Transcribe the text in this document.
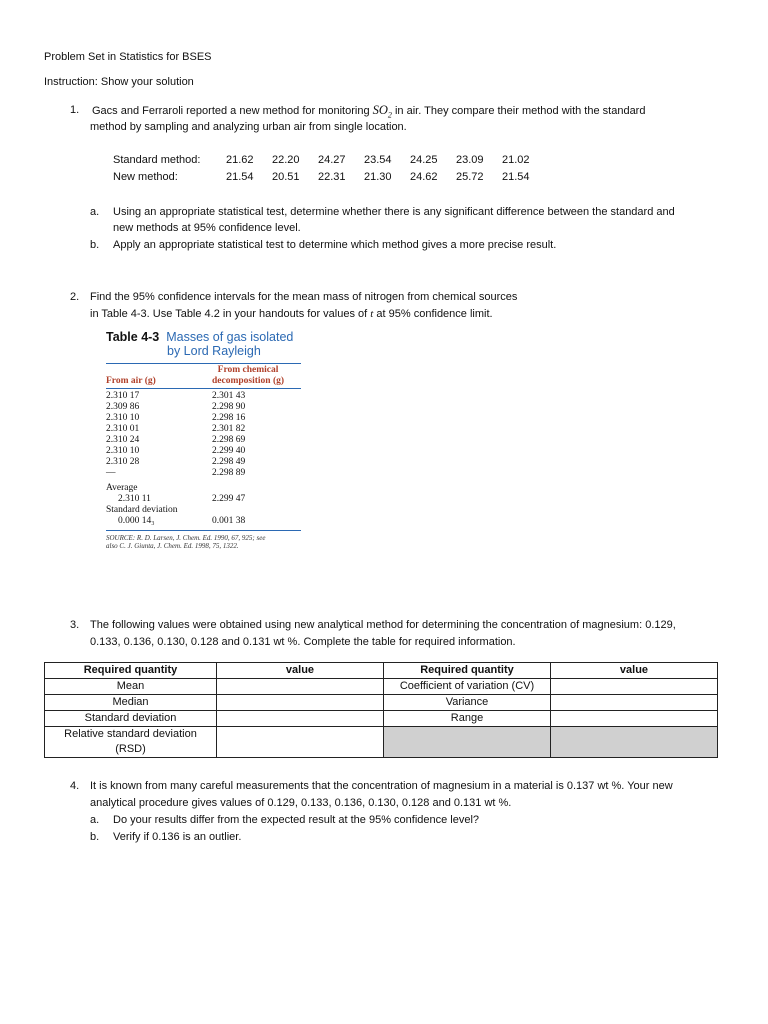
Problem Set in Statistics for BSES
Instruction: Show your solution
1. Gacs and Ferraroli reported a new method for monitoring $SO_2$ in air. They compare their method with the standard
method by sampling and analyzing urban air from single location.
Standard method: 21.62 22.20 24.27 23.54 24.25 23.09 21.02
New method:	21.54 20.51 22.31 21.30 24.62 25.72 21.54
a. Using an appropriate statistical test, determine whether there is any significant difference between the standard and
new methods at 95% confidence level.
b. Apply an appropriate statistical test to determine which method gives a more precise result.
2. Find the 95% confidence intervals for the mean mass of nitrogen from chemical sources
in Table 4-3. Use Table 4.2 in your handouts for values of t at 95% confidence limit.
Table 4-3 Masses of gas isolated
by Lord Rayleigh
From air (g)
From chemical
decomposition (g)
2.310 17	2.301 43
2.309 86	2.298 90
2.310 10	2.298 16
2.310 01	2.301 82
2.310 24	2.298 69
2.310 10	2.299 40
2.310 28	2.298 49
—	2.298 89
Average
2.310 11	2.299 47
Standard deviation
0.000 14₃	0.001 38
SOURCE: R. D. Larsen, J. Chem. Ed. 1990, 67, 925; see
also C. J. Giunta, J. Chem. Ed. 1998, 75, 1322.
3. The following values were obtained using new analytical method for determining the concentration of magnesium: 0.129,
0.133, 0.136, 0.130, 0.128 and 0.131 wt %. Complete the table for required information.
Required quantity	value	Required quantity	value
Mean		Coefficient of variation (CV)	
Median		Variance	
Standard deviation		Range	
Relative standard deviation
(RSD)			
4. It is known from many careful measurements that the concentration of magnesium in a material is 0.137 wt %. Your new
analytical procedure gives values of 0.129, 0.133, 0.136, 0.130, 0.128 and 0.131 wt %.
a. Do your results differ from the expected result at the 95% confidence level?
b. Verify if 0.136 is an outlier.
